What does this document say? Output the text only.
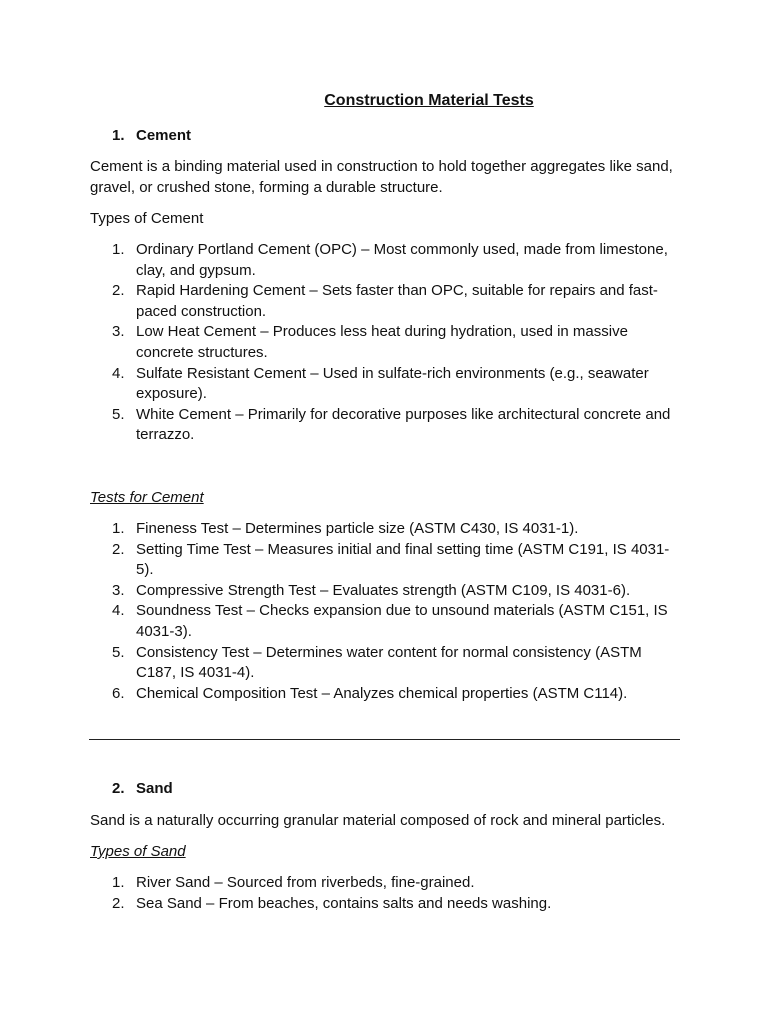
Construction Material Tests
1. Cement
Cement is a binding material used in construction to hold together aggregates like sand, gravel, or crushed stone, forming a durable structure.
Types of Cement
1. Ordinary Portland Cement (OPC) – Most commonly used, made from limestone, clay, and gypsum.
2. Rapid Hardening Cement – Sets faster than OPC, suitable for repairs and fast-paced construction.
3. Low Heat Cement – Produces less heat during hydration, used in massive concrete structures.
4. Sulfate Resistant Cement – Used in sulfate-rich environments (e.g., seawater exposure).
5. White Cement – Primarily for decorative purposes like architectural concrete and terrazzo.
Tests for Cement
1. Fineness Test – Determines particle size (ASTM C430, IS 4031-1).
2. Setting Time Test – Measures initial and final setting time (ASTM C191, IS 4031-5).
3. Compressive Strength Test – Evaluates strength (ASTM C109, IS 4031-6).
4. Soundness Test – Checks expansion due to unsound materials (ASTM C151, IS 4031-3).
5. Consistency Test – Determines water content for normal consistency (ASTM C187, IS 4031-4).
6. Chemical Composition Test – Analyzes chemical properties (ASTM C114).
2. Sand
Sand is a naturally occurring granular material composed of rock and mineral particles.
Types of Sand
1. River Sand – Sourced from riverbeds, fine-grained.
2. Sea Sand – From beaches, contains salts and needs washing.
